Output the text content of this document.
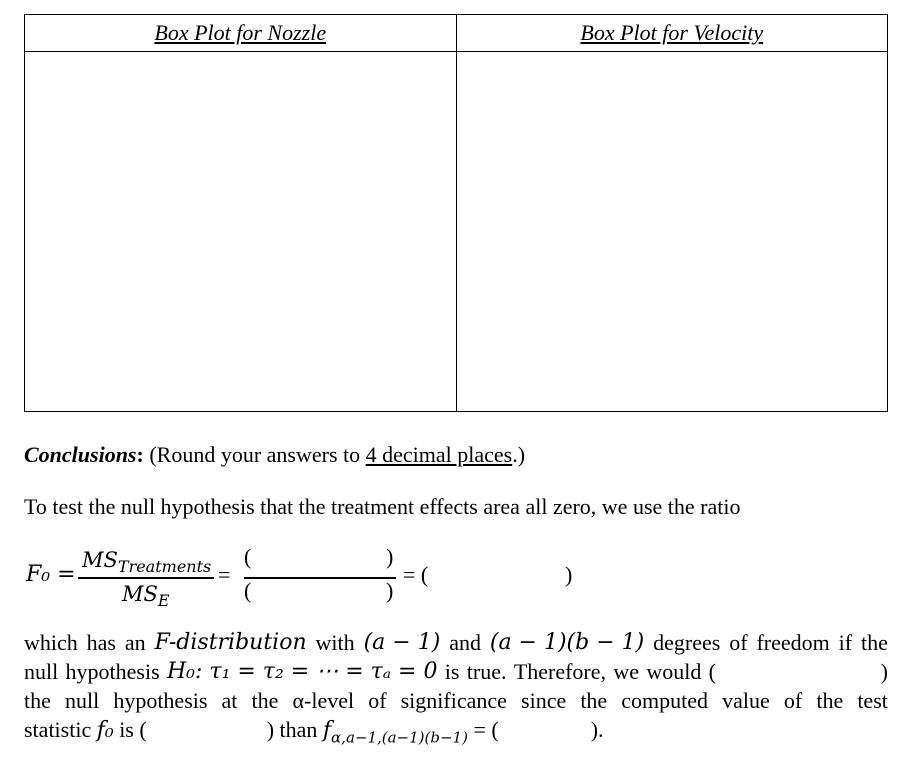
Box Plot for Nozzle	Box Plot for Velocity

Conclusions: (Round your answers to 4 decimal places.)
To test the null hypothesis that the treatment effects area all zero, we use the ratio
F₀ =
$MS_{Treatments}$
$MS_E$
=
(	)
(	)
= (	)
which has an F-distribution with (a − 1) and (a − 1)(b − 1) degrees of freedom if the
null hypothesis H₀: τ₁ = τ₂ = ⋯ = τₐ = 0 is true. Therefore, we would (	)
the null hypothesis at the α-level of significance since the computed value of the test
statistic f₀ is (	) than $f_{\alpha,a-1,(a-1)(b-1)}$ = (	).
